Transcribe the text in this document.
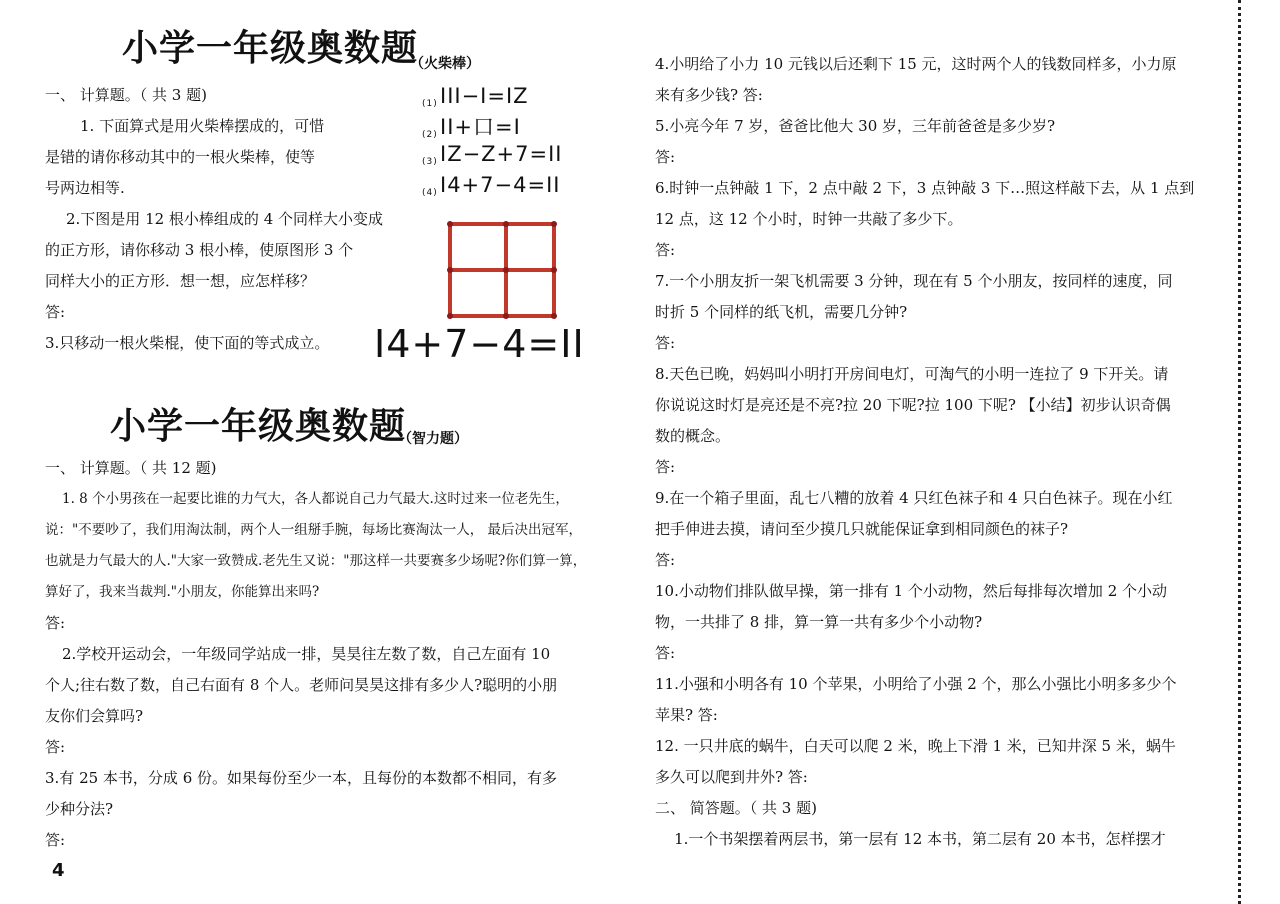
小学一年级奥数题
（火柴棒）
一、 计算题。（ 共 3 题)
1. 下面算式是用火柴棒摆成的，可惜
是错的请你移动其中的一根火柴棒，使等
号两边相等.
(1) III−I=IZ
(2) II+口=I
(3) IZ−Z+7=II
(4) I4+7−4=II
2.下图是用 12 根小棒组成的 4 个同样大小变成
的正方形，请你移动 3 根小棒，使原图形 3 个
同样大小的正方形．想一想，应怎样移？
答:
3.只移动一根火柴棍，使下面的等式成立。 I4+7−4=II
小学一年级奥数题
（智力题）
一、 计算题。（ 共 12 题)
1. 8 个小男孩在一起要比谁的力气大，各人都说自己力气最大.这时过来一位老先生，
说："不要吵了，我们用淘汰制，两个人一组掰手腕，每场比赛淘汰一人， 最后决出冠军，
也就是力气最大的人."大家一致赞成.老先生又说："那这样一共要赛多少场呢?你们算一算，
算好了，我来当裁判."小朋友，你能算出来吗?
答:
2.学校开运动会，一年级同学站成一排，昊昊往左数了数，自己左面有 10
个人;往右数了数，自己右面有 8 个人。老师问昊昊这排有多少人?聪明的小朋
友你们会算吗?
答:
3.有 25 本书，分成 6 份。如果每份至少一本，且每份的本数都不相同，有多
少种分法?
答:
4
4.小明给了小力 10 元钱以后还剩下 15 元，这时两个人的钱数同样多，小力原
来有多少钱? 答:
5.小亮今年 7 岁，爸爸比他大 30 岁，三年前爸爸是多少岁?
答:
6.时钟一点钟敲 1 下，2 点中敲 2 下，3 点钟敲 3 下…照这样敲下去，从 1 点到
12 点，这 12 个小时，时钟一共敲了多少下。
答:
7.一个小朋友折一架飞机需要 3 分钟，现在有 5 个小朋友，按同样的速度，同
时折 5 个同样的纸飞机，需要几分钟?
答:
8.天色已晚，妈妈叫小明打开房间电灯，可淘气的小明一连拉了 9 下开关。请
你说说这时灯是亮还是不亮?拉 20 下呢?拉 100 下呢? 【小结】初步认识奇偶
数的概念。
答:
9.在一个箱子里面，乱七八糟的放着 4 只红色袜子和 4 只白色袜子。现在小红
把手伸进去摸，请问至少摸几只就能保证拿到相同颜色的袜子?
答:
10.小动物们排队做早操，第一排有 1 个小动物，然后每排每次增加 2 个小动
物，一共排了 8 排，算一算一共有多少个小动物?
答:
11.小强和小明各有 10 个苹果，小明给了小强 2 个，那么小强比小明多多少个
苹果? 答:
12. 一只井底的蜗牛，白天可以爬 2 米，晚上下滑 1 米，已知井深 5 米，蜗牛
多久可以爬到井外? 答:
二、 简答题。（ 共 3 题)
1.一个书架摆着两层书，第一层有 12 本书，第二层有 20 本书，怎样摆才
